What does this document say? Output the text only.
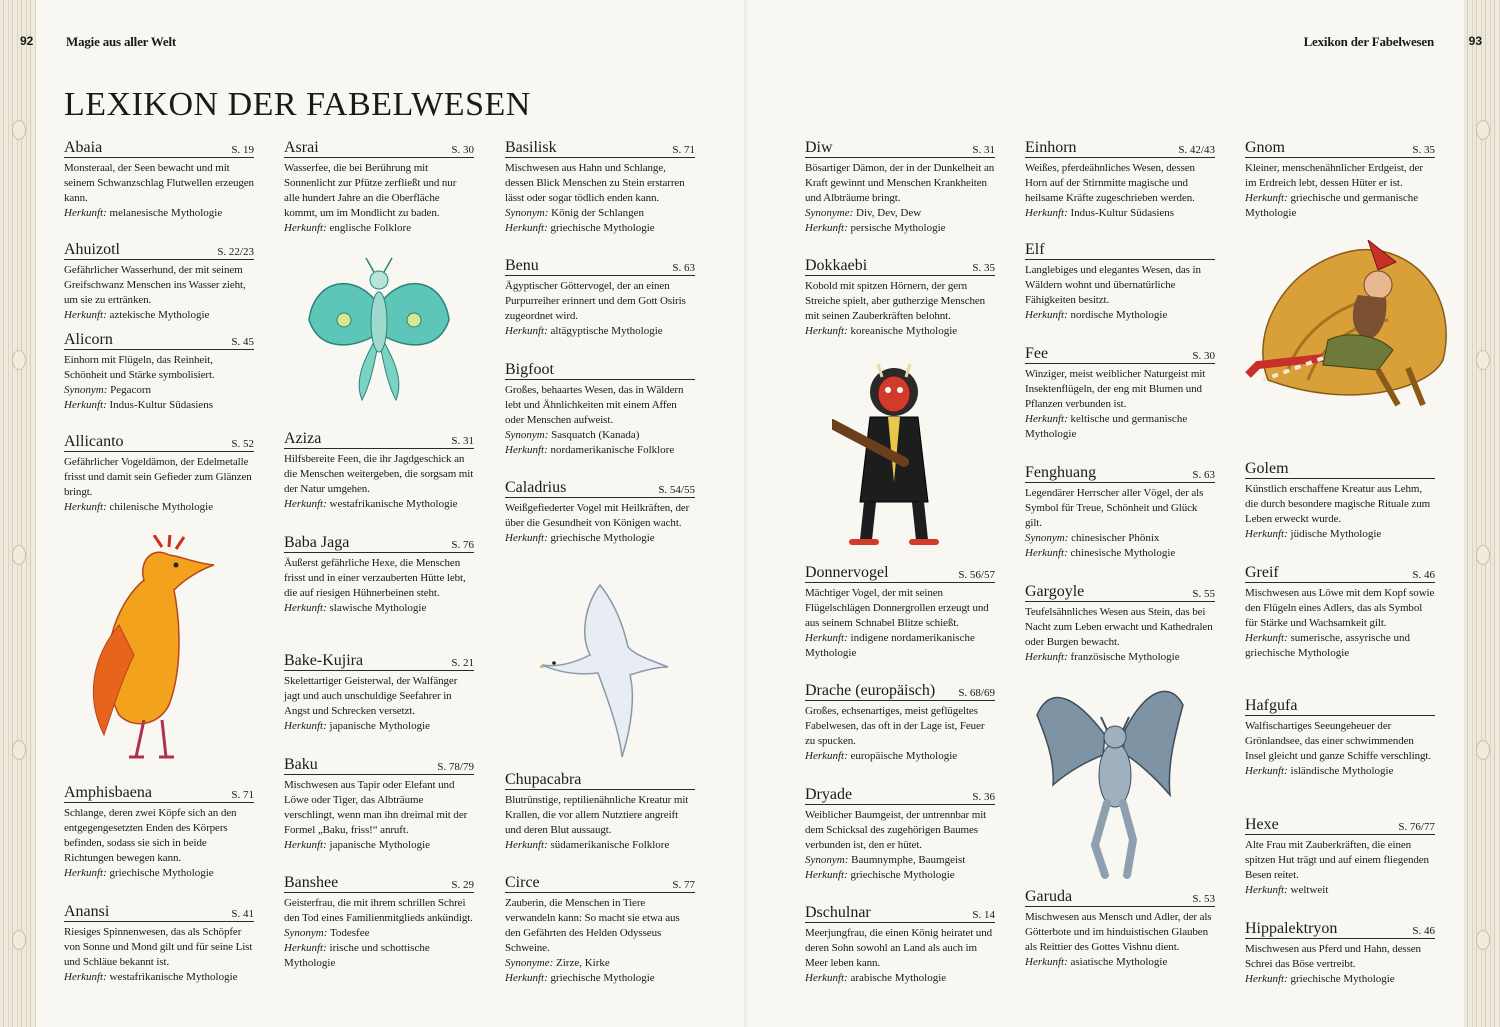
92	Magie aus aller Welt
LEXIKON DER FABELWESEN
Abaia	S. 19
Monsteraal, der Seen bewacht und mit seinem Schwanzschlag Flutwellen erzeugen kann.
Herkunft: melanesische Mythologie
Ahuizotl	S. 22/23
Gefährlicher Wasserhund, der mit seinem Greifschwanz Menschen ins Wasser zieht, um sie zu ertränken.
Herkunft: aztekische Mythologie
Alicorn	S. 45
Einhorn mit Flügeln, das Reinheit, Schönheit und Stärke symbolisiert.
Synonym: Pegacorn
Herkunft: Indus-Kultur Südasiens
Allicanto	S. 52
Gefährlicher Vogeldämon, der Edelmetalle frisst und damit sein Gefieder zum Glänzen bringt.
Herkunft: chilenische Mythologie
Amphisbaena	S. 71
Schlange, deren zwei Köpfe sich an den entgegengesetzten Enden des Körpers befinden, sodass sie sich in beide Richtungen bewegen kann.
Herkunft: griechische Mythologie
Anansi	S. 41
Riesiges Spinnenwesen, das als Schöpfer von Sonne und Mond gilt und für seine List und Schläue bekannt ist.
Herkunft: westafrikanische Mythologie
Asrai	S. 30
Wasserfee, die bei Berührung mit Sonnenlicht zur Pfütze zerfließt und nur alle hundert Jahre an die Oberfläche kommt, um im Mondlicht zu baden.
Herkunft: englische Folklore
Aziza	S. 31
Hilfsbereite Feen, die ihr Jagdgeschick an die Menschen weitergeben, die sorgsam mit der Natur umgehen.
Herkunft: westafrikanische Mythologie
Baba Jaga	S. 76
Äußerst gefährliche Hexe, die Menschen frisst und in einer verzauberten Hütte lebt, die auf riesigen Hühnerbeinen steht.
Herkunft: slawische Mythologie
Bake-Kujira	S. 21
Skelettartiger Geisterwal, der Walfänger jagt und auch unschuldige Seefahrer in Angst und Schrecken versetzt.
Herkunft: japanische Mythologie
Baku	S. 78/79
Mischwesen aus Tapir oder Elefant und Löwe oder Tiger, das Albträume verschlingt, wenn man ihn dreimal mit der Formel „Baku, friss!“ anruft.
Herkunft: japanische Mythologie
Banshee	S. 29
Geisterfrau, die mit ihrem schrillen Schrei den Tod eines Familienmitglieds ankündigt.
Synonym: Todesfee
Herkunft: irische und schottische Mythologie
Basilisk	S. 71
Mischwesen aus Hahn und Schlange, dessen Blick Menschen zu Stein erstarren lässt oder sogar tödlich enden kann.
Synonym: König der Schlangen
Herkunft: griechische Mythologie
Benu	S. 63
Ägyptischer Göttervogel, der an einen Purpurreiher erinnert und dem Gott Osiris zugeordnet wird.
Herkunft: altägyptische Mythologie
Bigfoot
Großes, behaartes Wesen, das in Wäldern lebt und Ähnlichkeiten mit einem Affen oder Menschen aufweist.
Synonym: Sasquatch (Kanada)
Herkunft: nordamerikanische Folklore
Caladrius	S. 54/55
Weißgefiederter Vogel mit Heilkräften, der über die Gesundheit von Königen wacht.
Herkunft: griechische Mythologie
Chupacabra
Blutrünstige, reptilienähnliche Kreatur mit Krallen, die vor allem Nutztiere angreift und deren Blut aussaugt.
Herkunft: südamerikanische Folklore
Circe	S. 77
Zauberin, die Menschen in Tiere verwandeln kann: So macht sie etwa aus den Gefährten des Helden Odysseus Schweine.
Synonyme: Zirze, Kirke
Herkunft: griechische Mythologie
93
Lexikon der Fabelwesen
Diw	S. 31
Bösartiger Dämon, der in der Dunkelheit an Kraft gewinnt und Menschen Krankheiten und Albträume bringt.
Synonyme: Div, Dev, Dew
Herkunft: persische Mythologie
Dokkaebi	S. 35
Kobold mit spitzen Hörnern, der gern Streiche spielt, aber gutherzige Menschen mit seinen Zauberkräften belohnt.
Herkunft: koreanische Mythologie
Donnervogel	S. 56/57
Mächtiger Vogel, der mit seinen Flügelschlägen Donnergrollen erzeugt und aus seinem Schnabel Blitze schießt.
Herkunft: indigene nordamerikanische Mythologie
Drache (europäisch) S. 68/69
Großes, echsenartiges, meist geflügeltes Fabelwesen, das oft in der Lage ist, Feuer zu spucken.
Herkunft: europäische Mythologie
Dryade	S. 36
Weiblicher Baumgeist, der untrennbar mit dem Schicksal des zugehörigen Baumes verbunden ist, den er hütet.
Synonym: Baumnymphe, Baumgeist
Herkunft: griechische Mythologie
Dschulnar	S. 14
Meerjungfrau, die einen König heiratet und deren Sohn sowohl an Land als auch im Meer leben kann.
Herkunft: arabische Mythologie
Einhorn	S. 42/43
Weißes, pferdeähnliches Wesen, dessen Horn auf der Stirnmitte magische und heilsame Kräfte zugeschrieben werden.
Herkunft: Indus-Kultur Südasiens
Elf
Langlebiges und elegantes Wesen, das in Wäldern wohnt und übernatürliche Fähigkeiten besitzt.
Herkunft: nordische Mythologie
Fee	S. 30
Winziger, meist weiblicher Naturgeist mit Insektenflügeln, der eng mit Blumen und Pflanzen verbunden ist.
Herkunft: keltische und germanische Mythologie
Fenghuang	S. 63
Legendärer Herrscher aller Vögel, der als Symbol für Treue, Schönheit und Glück gilt.
Synonym: chinesischer Phönix
Herkunft: chinesische Mythologie
Gargoyle	S. 55
Teufelsähnliches Wesen aus Stein, das bei Nacht zum Leben erwacht und Kathedralen oder Burgen bewacht.
Herkunft: französische Mythologie
Garuda	S. 53
Mischwesen aus Mensch und Adler, der als Götterbote und im hinduistischen Glauben als Reittier des Gottes Vishnu dient.
Herkunft: asiatische Mythologie
Gnom	S. 35
Kleiner, menschenähnlicher Erdgeist, der im Erdreich lebt, dessen Hüter er ist.
Herkunft: griechische und germanische Mythologie
Golem
Künstlich erschaffene Kreatur aus Lehm, die durch besondere magische Rituale zum Leben erweckt wurde.
Herkunft: jüdische Mythologie
Greif	S. 46
Mischwesen aus Löwe mit dem Kopf sowie den Flügeln eines Adlers, das als Symbol für Stärke und Wachsamkeit gilt.
Herkunft: sumerische, assyrische und griechische Mythologie
Hafgufa
Walfischartiges Seeungeheuer der Grönlandsee, das einer schwimmenden Insel gleicht und ganze Schiffe verschlingt.
Herkunft: isländische Mythologie
Hexe	S. 76/77
Alte Frau mit Zauberkräften, die einen spitzen Hut trägt und auf einem fliegenden Besen reitet.
Herkunft: weltweit
Hippalektryon	S. 46
Mischwesen aus Pferd und Hahn, dessen Schrei das Böse vertreibt.
Herkunft: griechische Mythologie
